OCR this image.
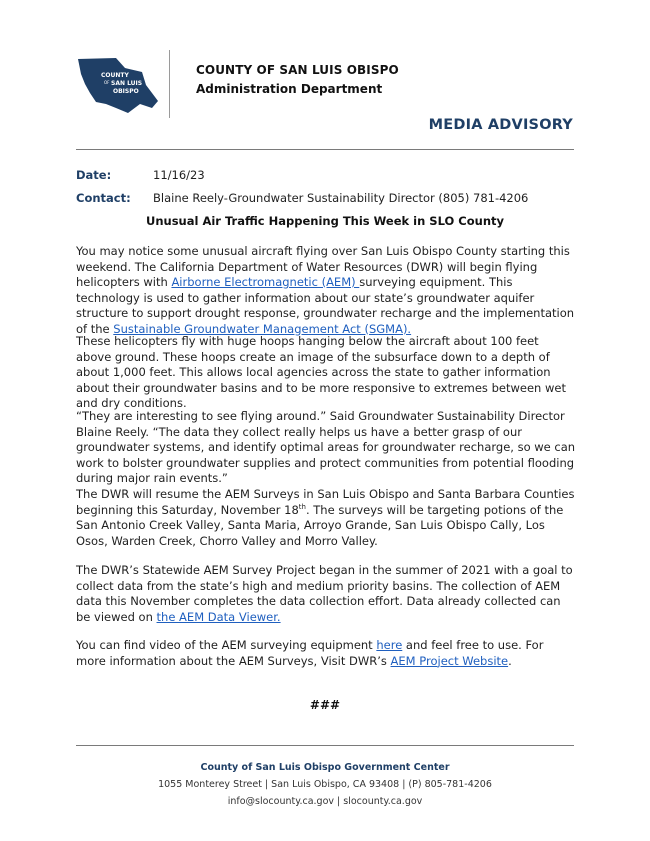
COUNTY
OF SAN LUIS
OBISPO
COUNTY OF SAN LUIS OBISPO
Administration Department
MEDIA ADVISORY
Date:	11/16/23
Contact: Blaine Reely-Groundwater Sustainability Director (805) 781-4206
Unusual Air Traffic Happening This Week in SLO County
You may notice some unusual aircraft flying over San Luis Obispo County starting this weekend. The California Department of Water Resources (DWR) will begin flying helicopters with Airborne Electromagnetic (AEM) surveying equipment. This technology is used to gather information about our state’s groundwater aquifer structure to support drought response, groundwater recharge and the implementation of the Sustainable Groundwater Management Act (SGMA).
These helicopters fly with huge hoops hanging below the aircraft about 100 feet above ground. These hoops create an image of the subsurface down to a depth of about 1,000 feet. This allows local agencies across the state to gather information about their groundwater basins and to be more responsive to extremes between wet and dry conditions.
“They are interesting to see flying around.” Said Groundwater Sustainability Director Blaine Reely. “The data they collect really helps us have a better grasp of our groundwater systems, and identify optimal areas for groundwater recharge, so we can work to bolster groundwater supplies and protect communities from potential flooding during major rain events.”
The DWR will resume the AEM Surveys in San Luis Obispo and Santa Barbara Counties beginning this Saturday, November 18th. The surveys will be targeting potions of the San Antonio Creek Valley, Santa Maria, Arroyo Grande, San Luis Obispo Cally, Los Osos, Warden Creek, Chorro Valley and Morro Valley.
The DWR’s Statewide AEM Survey Project began in the summer of 2021 with a goal to collect data from the state’s high and medium priority basins. The collection of AEM data this November completes the data collection effort. Data already collected can be viewed on the AEM Data Viewer.
You can find video of the AEM surveying equipment here and feel free to use. For more information about the AEM Surveys, Visit DWR’s AEM Project Website.
###
County of San Luis Obispo Government Center
1055 Monterey Street | San Luis Obispo, CA 93408 | (P) 805-781-4206
info@slocounty.ca.gov | slocounty.ca.gov
